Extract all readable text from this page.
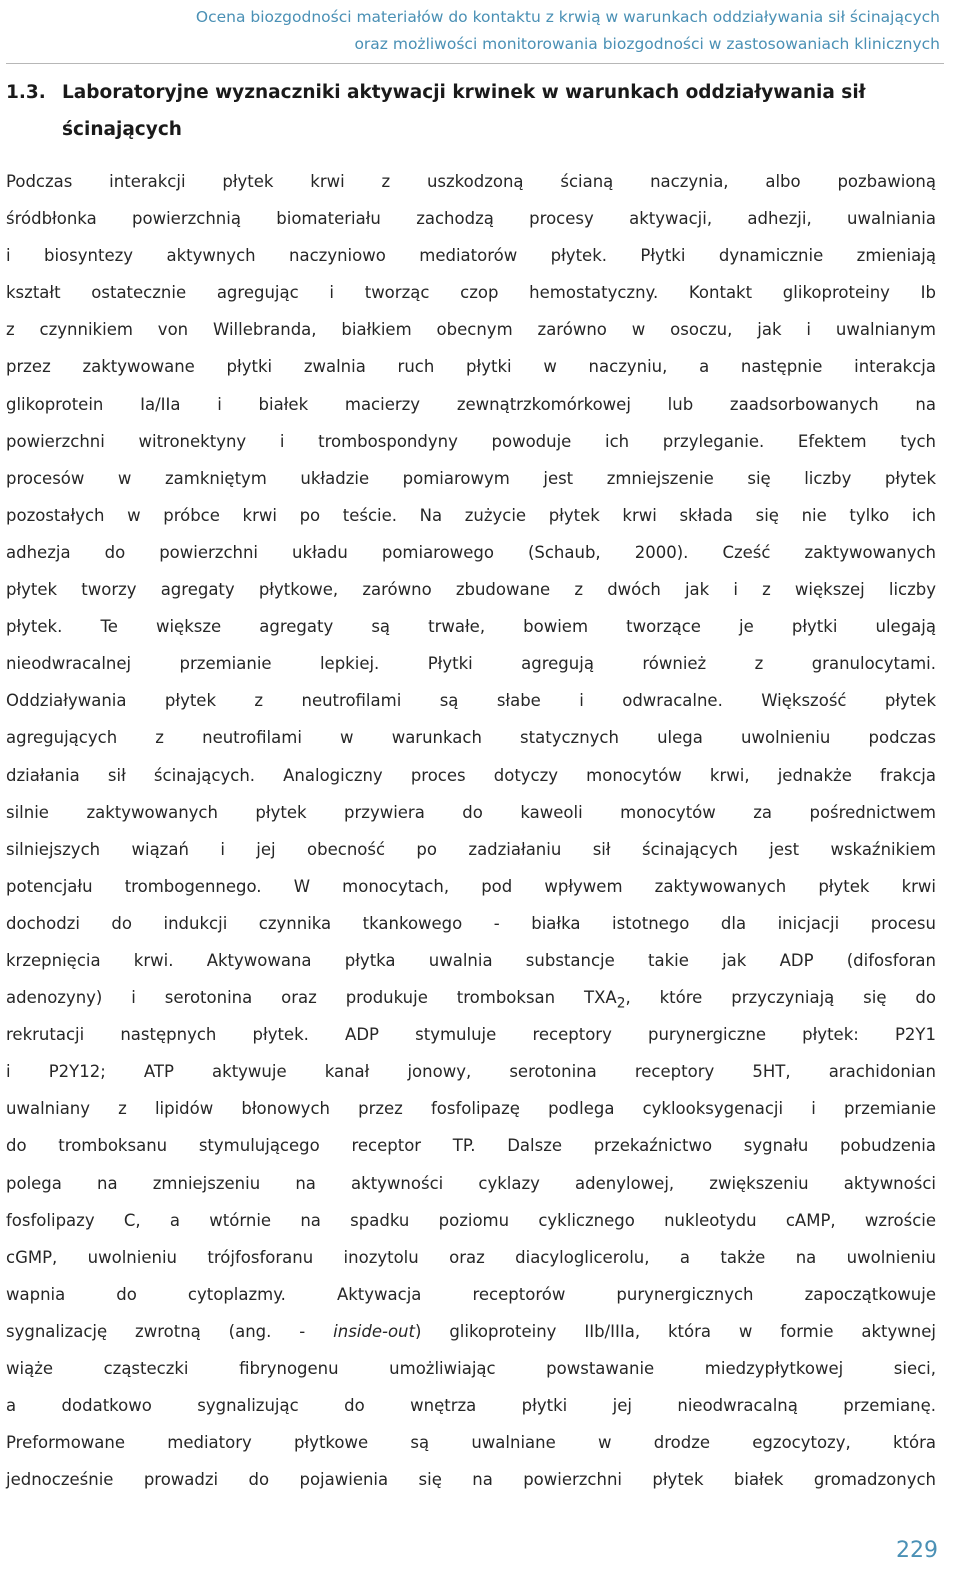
Ocena biozgodności materiałów do kontaktu z krwią w warunkach oddziaływania sił ścinających
oraz możliwości monitorowania biozgodności w zastosowaniach klinicznych
1.3. Laboratoryjne wyznaczniki aktywacji krwinek w warunkach oddziaływania sił
ścinających
Podczas interakcji płytek krwi z uszkodzoną ścianą naczynia, albo pozbawioną
śródbłonka powierzchnią biomateriału zachodzą procesy aktywacji, adhezji, uwalniania
i biosyntezy aktywnych naczyniowo mediatorów płytek. Płytki dynamicznie zmieniają
kształt ostatecznie agregując i tworząc czop hemostatyczny. Kontakt glikoproteiny Ib
z czynnikiem von Willebranda, białkiem obecnym zarówno w osoczu, jak i uwalnianym
przez zaktywowane płytki zwalnia ruch płytki w naczyniu, a następnie interakcja
glikoprotein Ia/IIa i białek macierzy zewnątrzkomórkowej lub zaadsorbowanych na
powierzchni witronektyny i trombospondyny powoduje ich przyleganie. Efektem tych
procesów w zamkniętym układzie pomiarowym jest zmniejszenie się liczby płytek
pozostałych w próbce krwi po teście. Na zużycie płytek krwi składa się nie tylko ich
adhezja do powierzchni układu pomiarowego (Schaub, 2000). Cześć zaktywowanych
płytek tworzy agregaty płytkowe, zarówno zbudowane z dwóch jak i z większej liczby
płytek. Te większe agregaty są trwałe, bowiem tworzące je płytki ulegają
nieodwracalnej przemianie lepkiej. Płytki agregują również z granulocytami.
Oddziaływania płytek z neutrofilami są słabe i odwracalne. Większość płytek
agregujących z neutrofilami w warunkach statycznych ulega uwolnieniu podczas
działania sił ścinających. Analogiczny proces dotyczy monocytów krwi, jednakże frakcja
silnie zaktywowanych płytek przywiera do kaweoli monocytów za pośrednictwem
silniejszych wiązań i jej obecność po zadziałaniu sił ścinających jest wskaźnikiem
potencjału trombogennego. W monocytach, pod wpływem zaktywowanych płytek krwi
dochodzi do indukcji czynnika tkankowego - białka istotnego dla inicjacji procesu
krzepnięcia krwi. Aktywowana płytka uwalnia substancje takie jak ADP (difosforan
adenozyny) i serotonina oraz produkuje tromboksan $TXA_2$, które przyczyniają się do
rekrutacji następnych płytek. ADP stymuluje receptory purynergiczne płytek: P2Y1
i P2Y12; ATP aktywuje kanał jonowy, serotonina receptory 5HT, arachidonian
uwalniany z lipidów błonowych przez fosfolipazę podlega cyklooksygenacji i przemianie
do tromboksanu stymulującego receptor TP. Dalsze przekaźnictwo sygnału pobudzenia
polega na zmniejszeniu na aktywności cyklazy adenylowej, zwiększeniu aktywności
fosfolipazy C, a wtórnie na spadku poziomu cyklicznego nukleotydu cAMP, wzroście
cGMP, uwolnieniu trójfosforanu inozytolu oraz diacyloglicerolu, a także na uwolnieniu
wapnia do cytoplazmy. Aktywacja receptorów purynergicznych zapoczątkowuje
sygnalizację zwrotną (ang. - inside-out) glikoproteiny IIb/IIIa, która w formie aktywnej
wiąże cząsteczki fibrynogenu umożliwiając powstawanie miedzypłytkowej sieci,
a dodatkowo sygnalizując do wnętrza płytki jej nieodwracalną przemianę.
Preformowane mediatory płytkowe są uwalniane w drodze egzocytozy, która
jednocześnie prowadzi do pojawienia się na powierzchni płytek białek gromadzonych
229
